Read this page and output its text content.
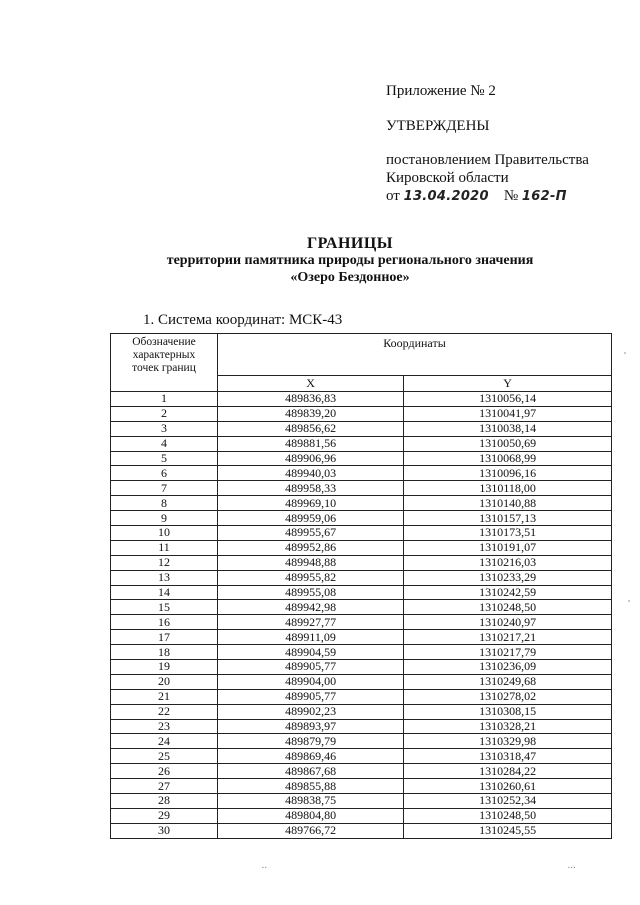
Приложение № 2
УТВЕРЖДЕНЫ
постановлением Правительства
Кировской области
от 13.04.2020 № 162-П
ГРАНИЦЫ
территории памятника природы регионального значения
«Озеро Бездонное»
1. Система координат: МСК-43
Обозначение
характерных
точек границ	Координаты	
	X	Y
1	489836,83	1310056,14
2	489839,20	1310041,97
3	489856,62	1310038,14
4	489881,56	1310050,69
5	489906,96	1310068,99
6	489940,03	1310096,16
7	489958,33	1310118,00
8	489969,10	1310140,88
9	489959,06	1310157,13
10	489955,67	1310173,51
11	489952,86	1310191,07
12	489948,88	1310216,03
13	489955,82	1310233,29
14	489955,08	1310242,59
15	489942,98	1310248,50
16	489927,77	1310240,97
17	489911,09	1310217,21
18	489904,59	1310217,79
19	489905,77	1310236,09
20	489904,00	1310249,68
21	489905,77	1310278,02
22	489902,23	1310308,15
23	489893,97	1310328,21
24	489879,79	1310329,98
25	489869,46	1310318,47
26	489867,68	1310284,22
27	489855,88	1310260,61
28	489838,75	1310252,34
29	489804,80	1310248,50
30	489766,72	1310245,55
▪▪	▪▪▪
